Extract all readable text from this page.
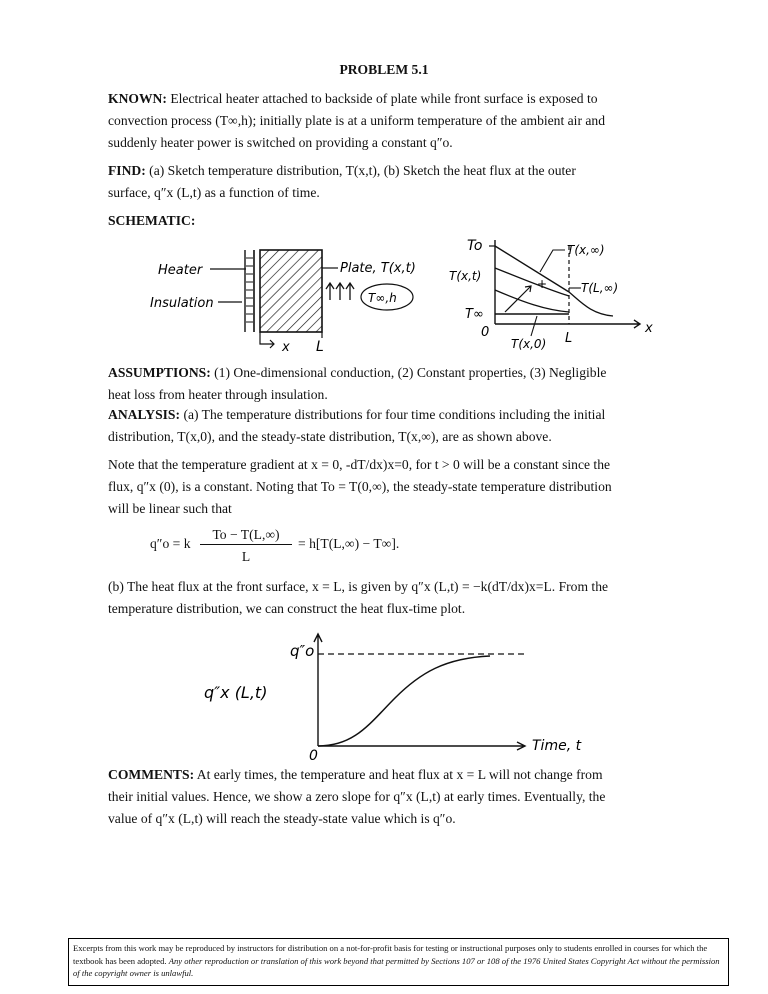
PROBLEM 5.1
KNOWN: Electrical heater attached to backside of plate while front surface is exposed to
convection process (T∞,h); initially plate is at a uniform temperature of the ambient air and
suddenly heater power is switched on providing a constant q″o.
FIND: (a) Sketch temperature distribution, T(x,t), (b) Sketch the heat flux at the outer
surface, q″x (L,t) as a function of time.
SCHEMATIC:
Heater
Insulation
Plate, T(x,t)
T∞,h
x L
To
T(x,t)
T∞
0	x
T(x,∞)
+	T(L,∞)
T(x,0) L
ASSUMPTIONS: (1) One-dimensional conduction, (2) Constant properties, (3) Negligible
heat loss from heater through insulation.
ANALYSIS: (a) The temperature distributions for four time conditions including the initial
distribution, T(x,0), and the steady-state distribution, T(x,∞), are as shown above.
Note that the temperature gradient at x = 0, -dT/dx)x=0, for t > 0 will be a constant since the
flux, q″x (0), is a constant. Noting that To = T(0,∞), the steady-state temperature distribution
will be linear such that
q″o = k
To − T(L,∞)
L
= h[T(L,∞) − T∞].
(b) The heat flux at the front surface, x = L, is given by q″x (L,t) = −k(dT/dx)x=L. From the
temperature distribution, we can construct the heat flux-time plot.
q″o
q″x (L,t)
0
Time, t
COMMENTS: At early times, the temperature and heat flux at x = L will not change from
their initial values. Hence, we show a zero slope for q″x (L,t) at early times. Eventually, the
value of q″x (L,t) will reach the steady-state value which is q″o.
Excerpts from this work may be reproduced by instructors for distribution on a not-for-profit basis for testing or instructional purposes only to students enrolled in courses for which the textbook has been adopted. Any other reproduction or translation of this work beyond that permitted by Sections 107 or 108 of the 1976 United States Copyright Act without the permission of the copyright owner is unlawful.
